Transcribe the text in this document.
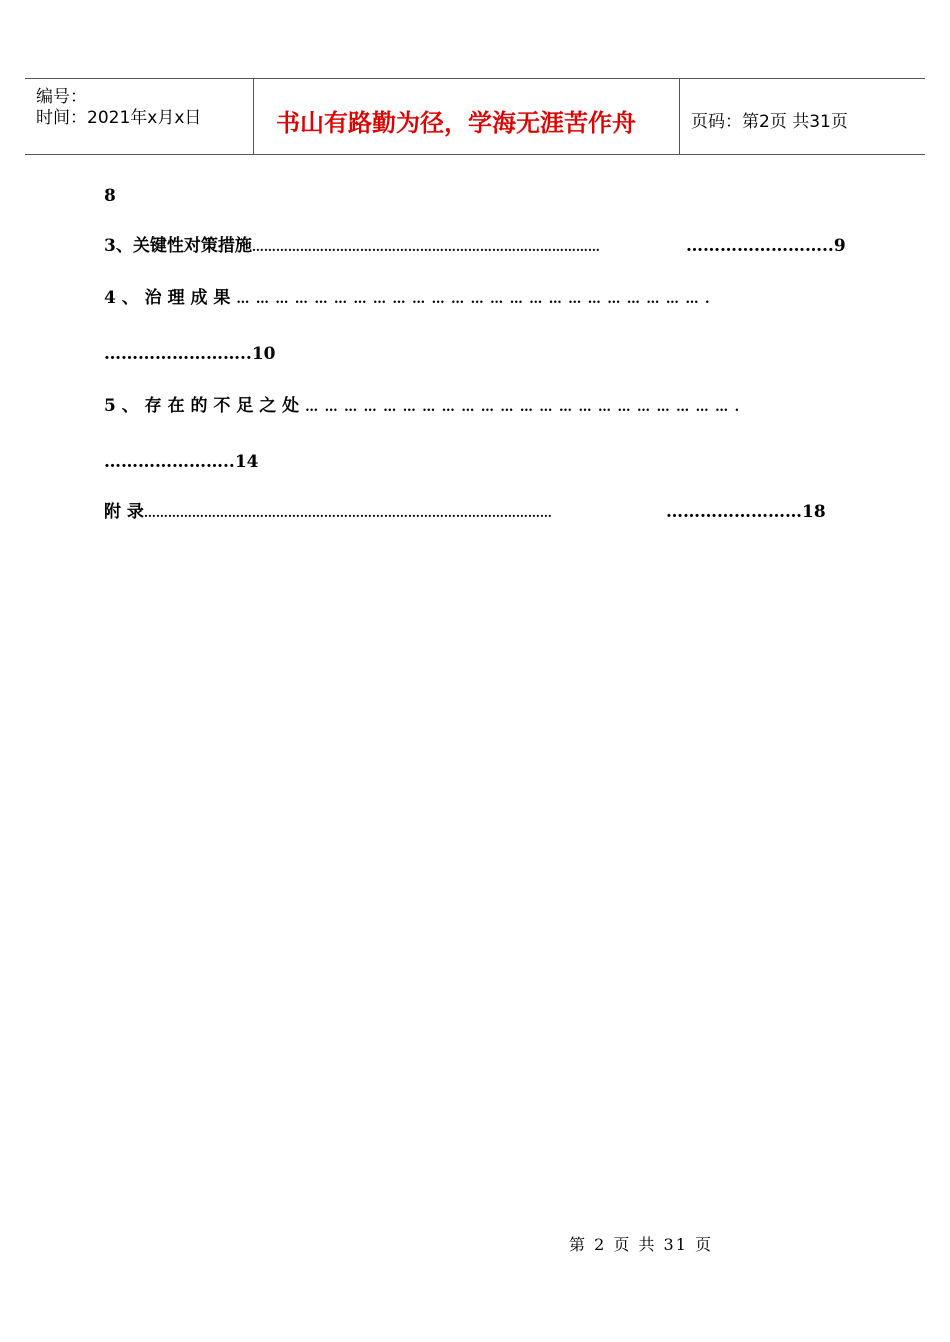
编号：
时间：2021年x月x日	书山有路勤为径，学海无涯苦作舟	页码：第2页 共31页
8
3、关键性对策措施……………………………………………………………………………	……………………..9
4 、 治 理 成 果 … … … … … … … … … … … … … … … … … … … … … … … … .
……………………..10
5 、 存 在 的 不 足 之 处 … … … … … … … … … … … … … … … … … … … … … … .
…………………..14
附 录…………………………………………………………………………………………	……………………18
第 2 页 共 31 页
